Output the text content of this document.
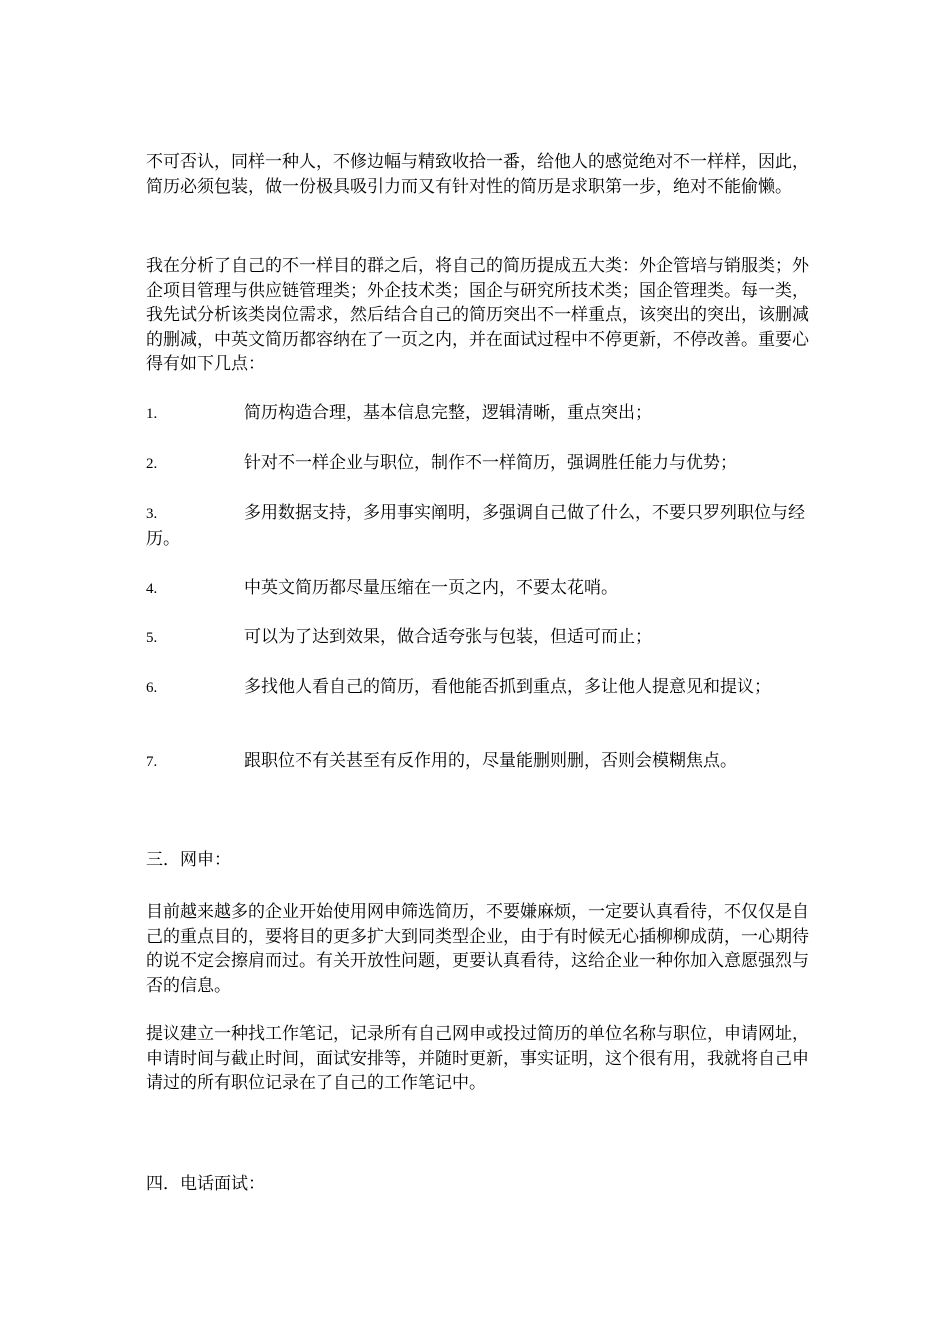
不可否认，同样一种人，不修边幅与精致收拾一番，给他人的感觉绝对不一样样，因此，简历必须包装，做一份极具吸引力而又有针对性的简历是求职第一步，绝对不能偷懒。

我在分析了自己的不一样目的群之后，将自己的简历提成五大类：外企管培与销服类；外企项目管理与供应链管理类；外企技术类；国企与研究所技术类；国企管理类。每一类，我先试分析该类岗位需求，然后结合自己的简历突出不一样重点，该突出的突出，该删减的删减，中英文简历都容纳在了一页之内，并在面试过程中不停更新，不停改善。重要心得有如下几点：

1.	简历构造合理，基本信息完整，逻辑清晰，重点突出；

2.	针对不一样企业与职位，制作不一样简历，强调胜任能力与优势；

3.	多用数据支持，多用事实阐明，多强调自己做了什么，不要只罗列职位与经历。

4.	中英文简历都尽量压缩在一页之内，不要太花哨。

5.	可以为了达到效果，做合适夸张与包装，但适可而止；

6.	多找他人看自己的简历，看他能否抓到重点，多让他人提意见和提议；

7.	跟职位不有关甚至有反作用的，尽量能删则删，否则会模糊焦点。

三．网申：

目前越来越多的企业开始使用网申筛选简历，不要嫌麻烦，一定要认真看待，不仅仅是自己的重点目的，要将目的更多扩大到同类型企业，由于有时候无心插柳柳成荫，一心期待的说不定会擦肩而过。有关开放性问题，更要认真看待，这给企业一种你加入意愿强烈与否的信息。

提议建立一种找工作笔记，记录所有自己网申或投过简历的单位名称与职位，申请网址，申请时间与截止时间，面试安排等，并随时更新，事实证明，这个很有用，我就将自己申请过的所有职位记录在了自己的工作笔记中。

四．电话面试：
